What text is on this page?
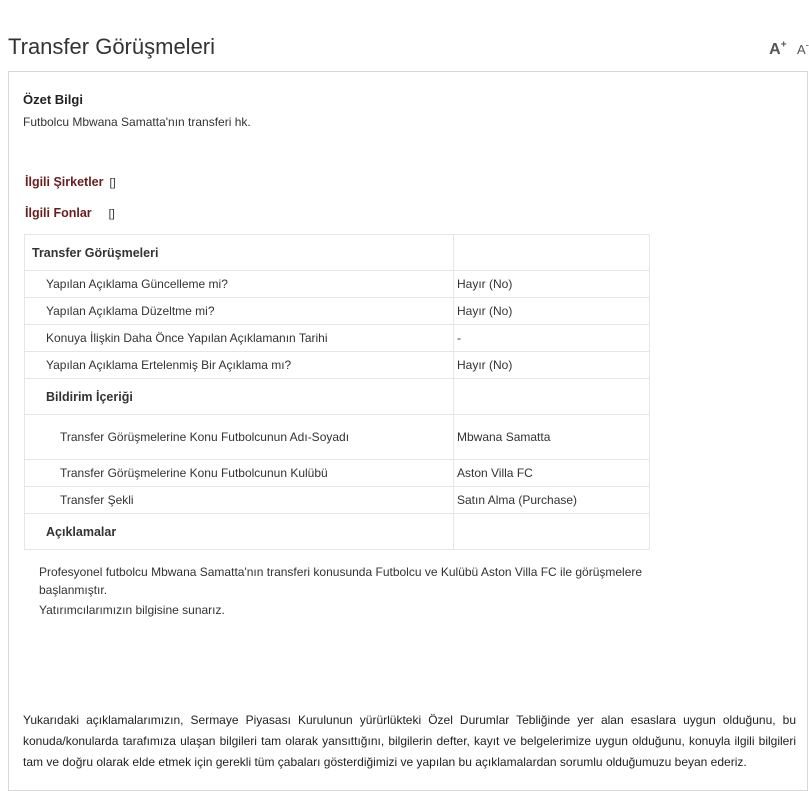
Transfer Görüşmeleri	A+ A-
Özet Bilgi
Futbolcu Mbwana Samatta'nın transferi hk.
İlgili Şirketler []
İlgili Fonlar []
Transfer Görüşmeleri	
Yapılan Açıklama Güncelleme mi?	Hayır (No)
Yapılan Açıklama Düzeltme mi?	Hayır (No)
Konuya İlişkin Daha Önce Yapılan Açıklamanın Tarihi	-
Yapılan Açıklama Ertelenmiş Bir Açıklama mı?	Hayır (No)
Bildirim İçeriği	
Transfer Görüşmelerine Konu Futbolcunun Adı-Soyadı	Mbwana Samatta
Transfer Görüşmelerine Konu Futbolcunun Kulübü	Aston Villa FC
Transfer Şekli	Satın Alma (Purchase)
Açıklamalar	
Profesyonel futbolcu Mbwana Samatta'nın transferi konusunda Futbolcu ve Kulübü Aston Villa FC ile görüşmelere başlanmıştır.
Yatırımcılarımızın bilgisine sunarız.
Yukarıdaki açıklamalarımızın, Sermaye Piyasası Kurulunun yürürlükteki Özel Durumlar Tebliğinde yer alan esaslara uygun olduğunu, bu konuda/konularda tarafımıza ulaşan bilgileri tam olarak yansıttığını, bilgilerin defter, kayıt ve belgelerimize uygun olduğunu, konuyla ilgili bilgileri tam ve doğru olarak elde etmek için gerekli tüm çabaları gösterdiğimizi ve yapılan bu açıklamalardan sorumlu olduğumuzu beyan ederiz.
